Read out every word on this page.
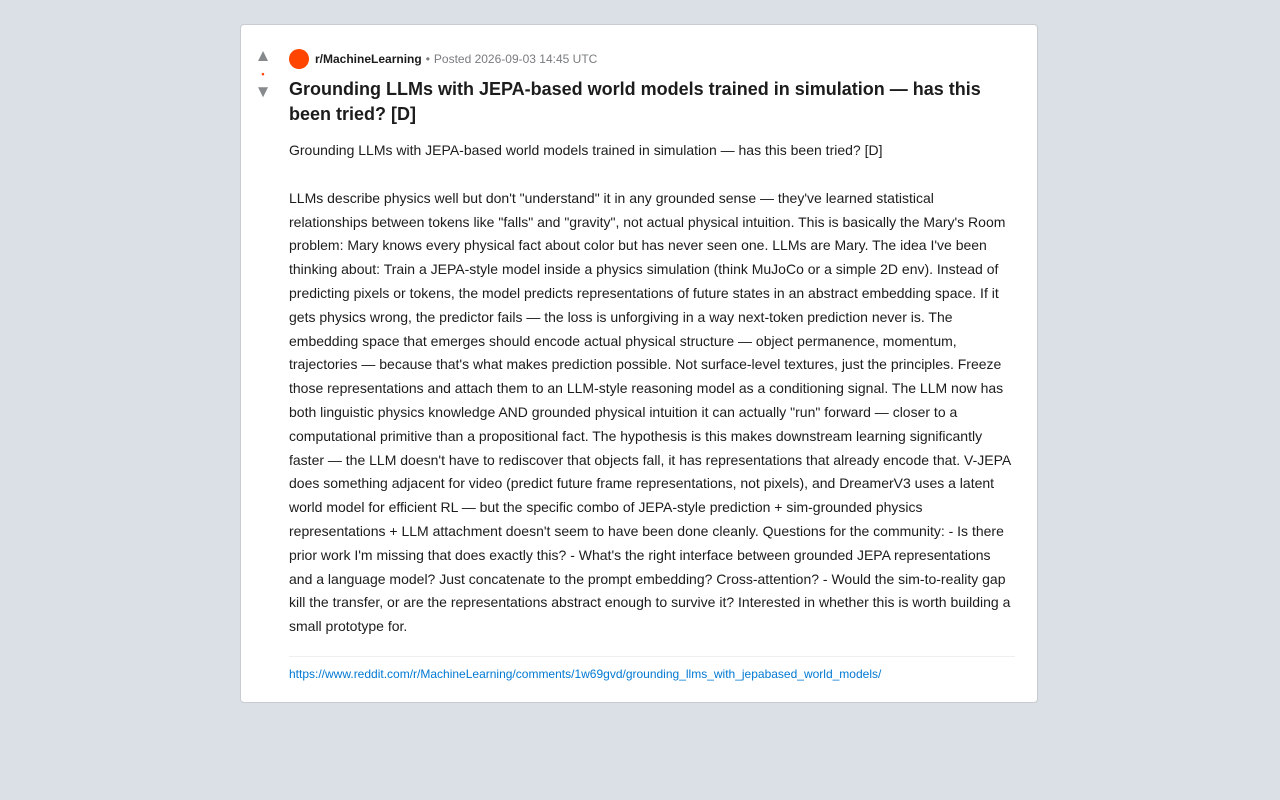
▲
•
▼
r/MachineLearning • Posted 2026-09-03 14:45 UTC
Grounding LLMs with JEPA-based world models trained in simulation — has this been tried? [D]

Grounding LLMs with JEPA-based world models trained in simulation — has this been tried? [D]

LLMs describe physics well but don't "understand" it in any grounded sense — they've learned statistical relationships between tokens like "falls" and "gravity", not actual physical intuition. This is basically the Mary's Room problem: Mary knows every physical fact about color but has never seen one. LLMs are Mary. The idea I've been thinking about: Train a JEPA-style model inside a physics simulation (think MuJoCo or a simple 2D env). Instead of predicting pixels or tokens, the model predicts representations of future states in an abstract embedding space. If it gets physics wrong, the predictor fails — the loss is unforgiving in a way next-token prediction never is. The embedding space that emerges should encode actual physical structure — object permanence, momentum, trajectories — because that's what makes prediction possible. Not surface-level textures, just the principles. Freeze those representations and attach them to an LLM-style reasoning model as a conditioning signal. The LLM now has both linguistic physics knowledge AND grounded physical intuition it can actually "run" forward — closer to a computational primitive than a propositional fact. The hypothesis is this makes downstream learning significantly faster — the LLM doesn't have to rediscover that objects fall, it has representations that already encode that. V-JEPA does something adjacent for video (predict future frame representations, not pixels), and DreamerV3 uses a latent world model for efficient RL — but the specific combo of JEPA-style prediction + sim-grounded physics representations + LLM attachment doesn't seem to have been done cleanly. Questions for the community: - Is there prior work I'm missing that does exactly this? - What's the right interface between grounded JEPA representations and a language model? Just concatenate to the prompt embedding? Cross-attention? - Would the sim-to-reality gap kill the transfer, or are the representations abstract enough to survive it? Interested in whether this is worth building a small prototype for.

https://www.reddit.com/r/MachineLearning/comments/1w69gvd/grounding_llms_with_jepabased_world_models/
